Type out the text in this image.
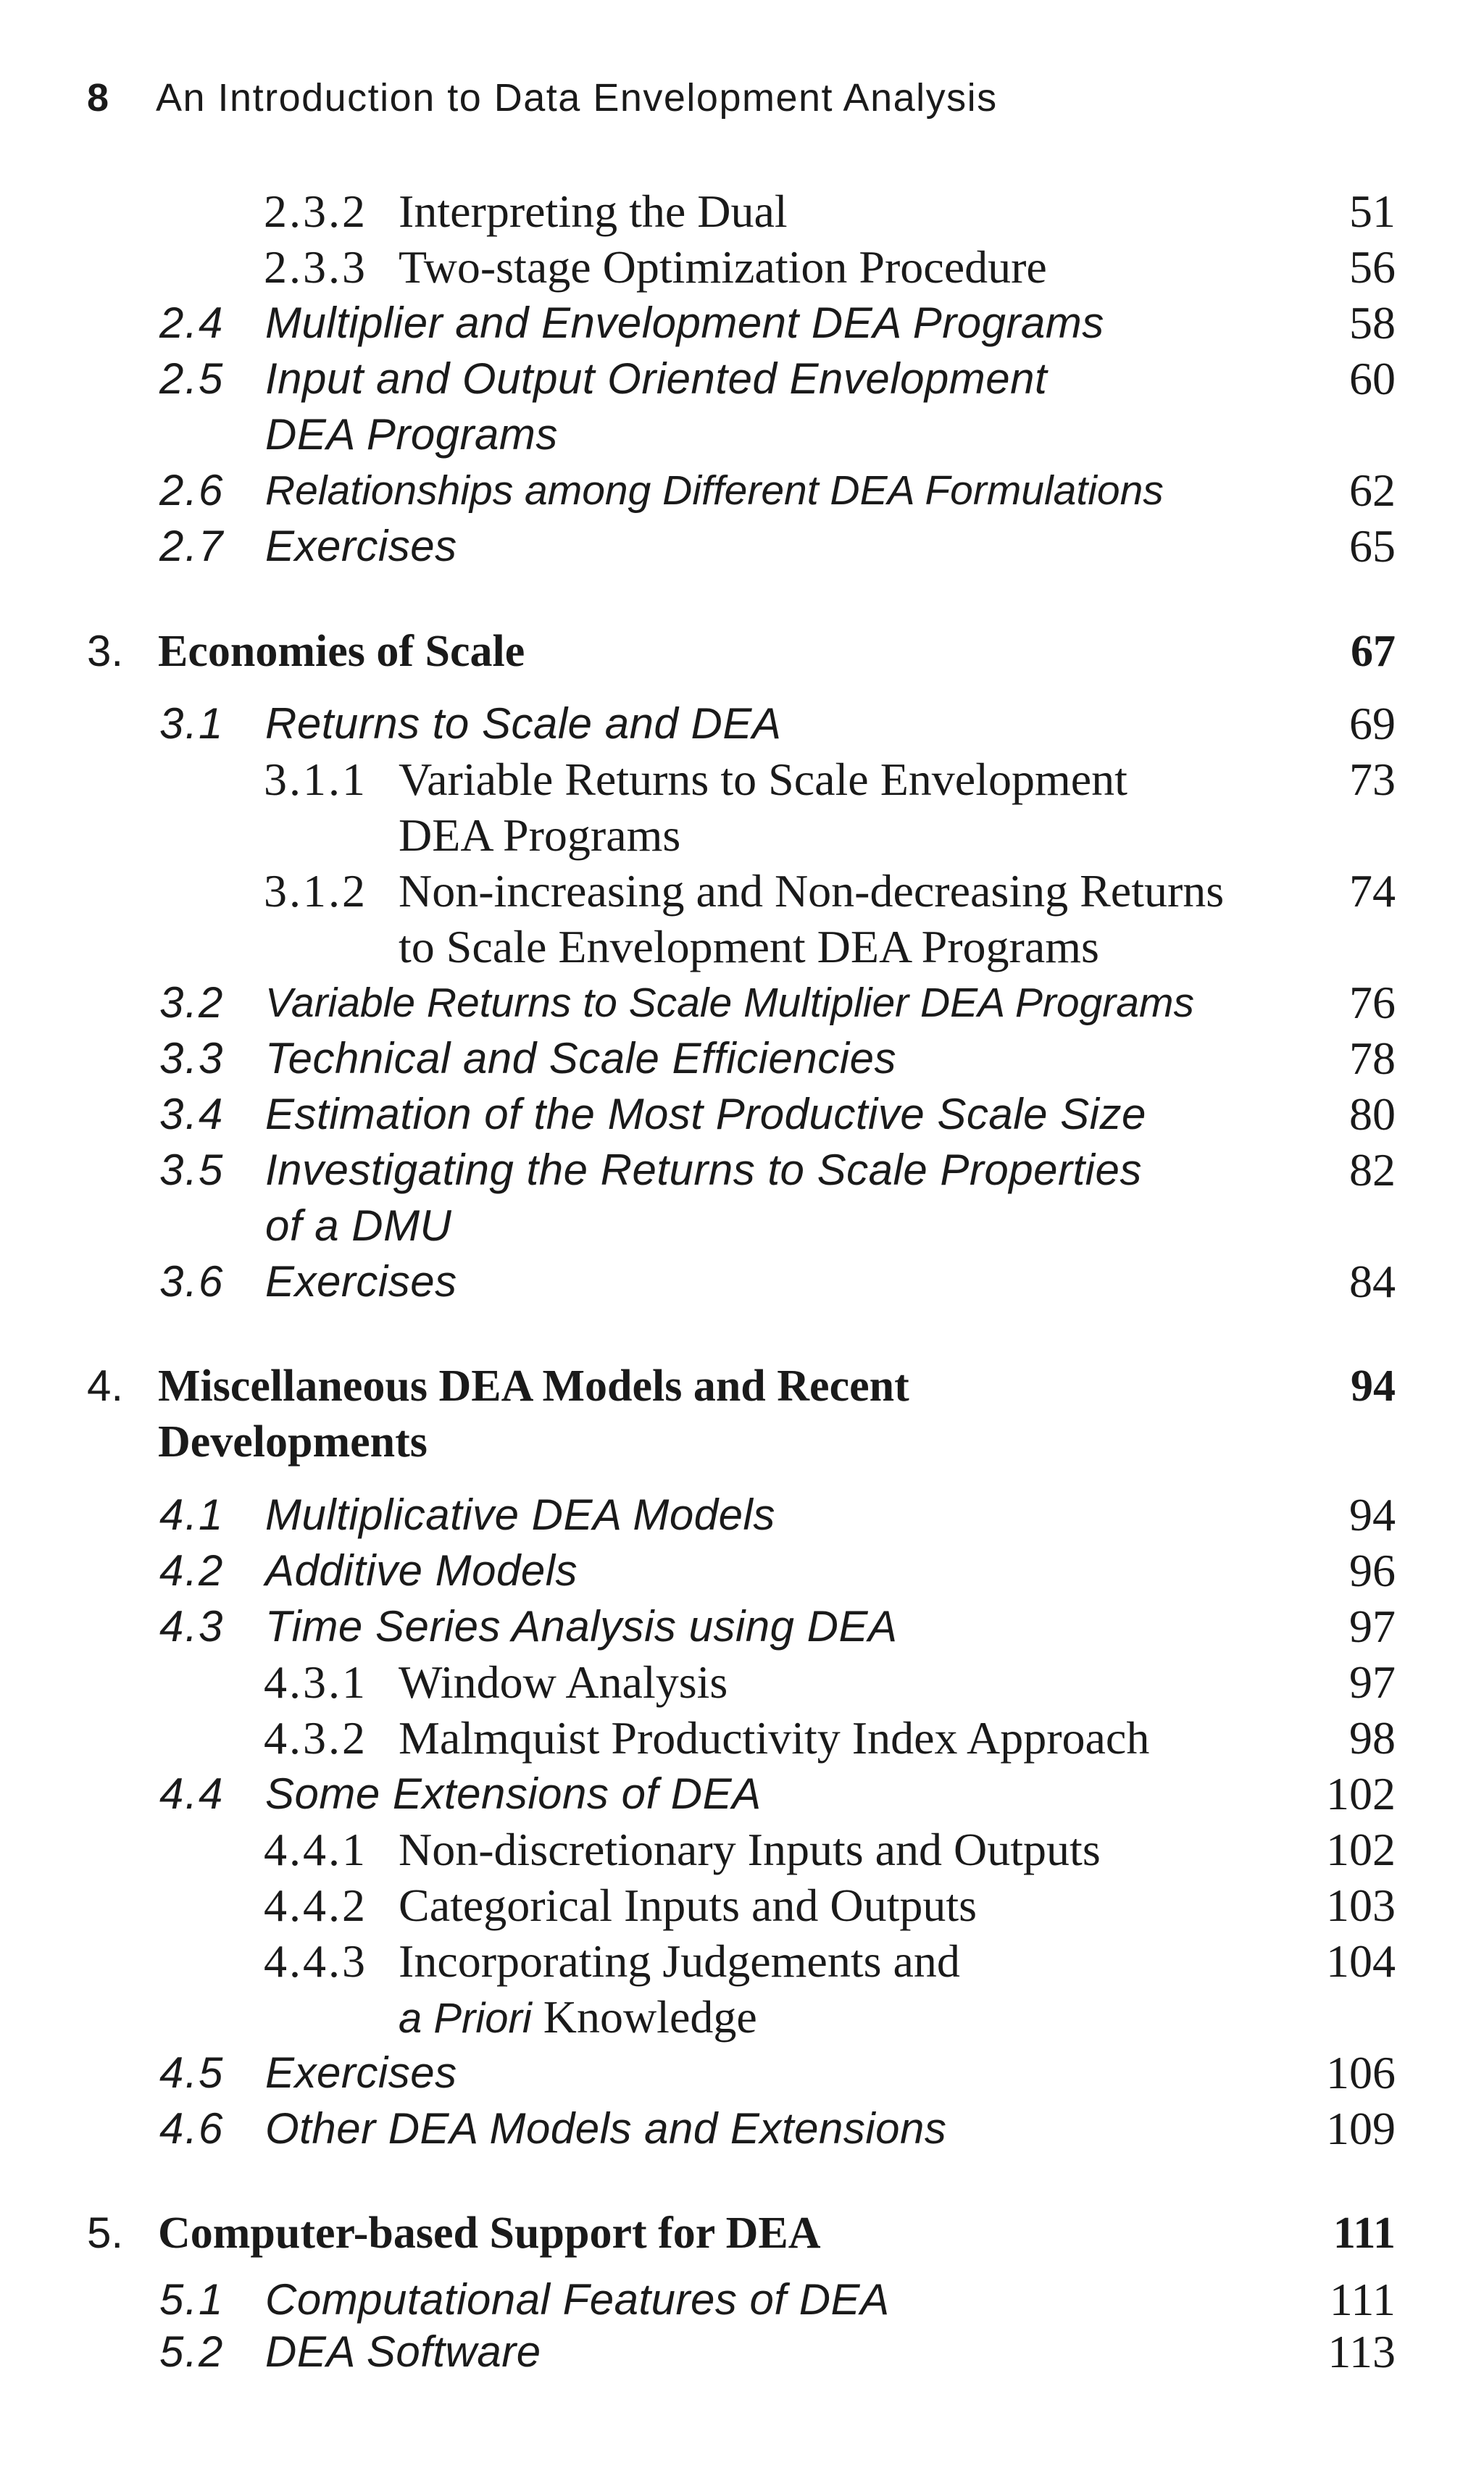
8 An Introduction to Data Envelopment Analysis
2.3.2 Interpreting the Dual	51
2.3.3 Two-stage Optimization Procedure	56
2.4 Multiplier and Envelopment DEA Programs	58
2.5 Input and Output Oriented Envelopment	60
DEA Programs
2.6 Relationships among Different DEA Formulations	62
2.7 Exercises	65
3. Economies of Scale	67
3.1 Returns to Scale and DEA	69
3.1.1 Variable Returns to Scale Envelopment	73
DEA Programs
3.1.2 Non-increasing and Non-decreasing Returns	74
to Scale Envelopment DEA Programs
3.2 Variable Returns to Scale Multiplier DEA Programs	76
3.3 Technical and Scale Efficiencies	78
3.4 Estimation of the Most Productive Scale Size	80
3.5 Investigating the Returns to Scale Properties	82
of a DMU
3.6 Exercises	84
4. Miscellaneous DEA Models and Recent	94
Developments
4.1 Multiplicative DEA Models	94
4.2 Additive Models	96
4.3 Time Series Analysis using DEA	97
4.3.1 Window Analysis	97
4.3.2 Malmquist Productivity Index Approach	98
4.4 Some Extensions of DEA	102
4.4.1 Non-discretionary Inputs and Outputs	102
4.4.2 Categorical Inputs and Outputs	103
4.4.3 Incorporating Judgements and	104
a Priori Knowledge
4.5 Exercises	106
4.6 Other DEA Models and Extensions	109
5. Computer-based Support for DEA	111
5.1 Computational Features of DEA	111
5.2 DEA Software	113
